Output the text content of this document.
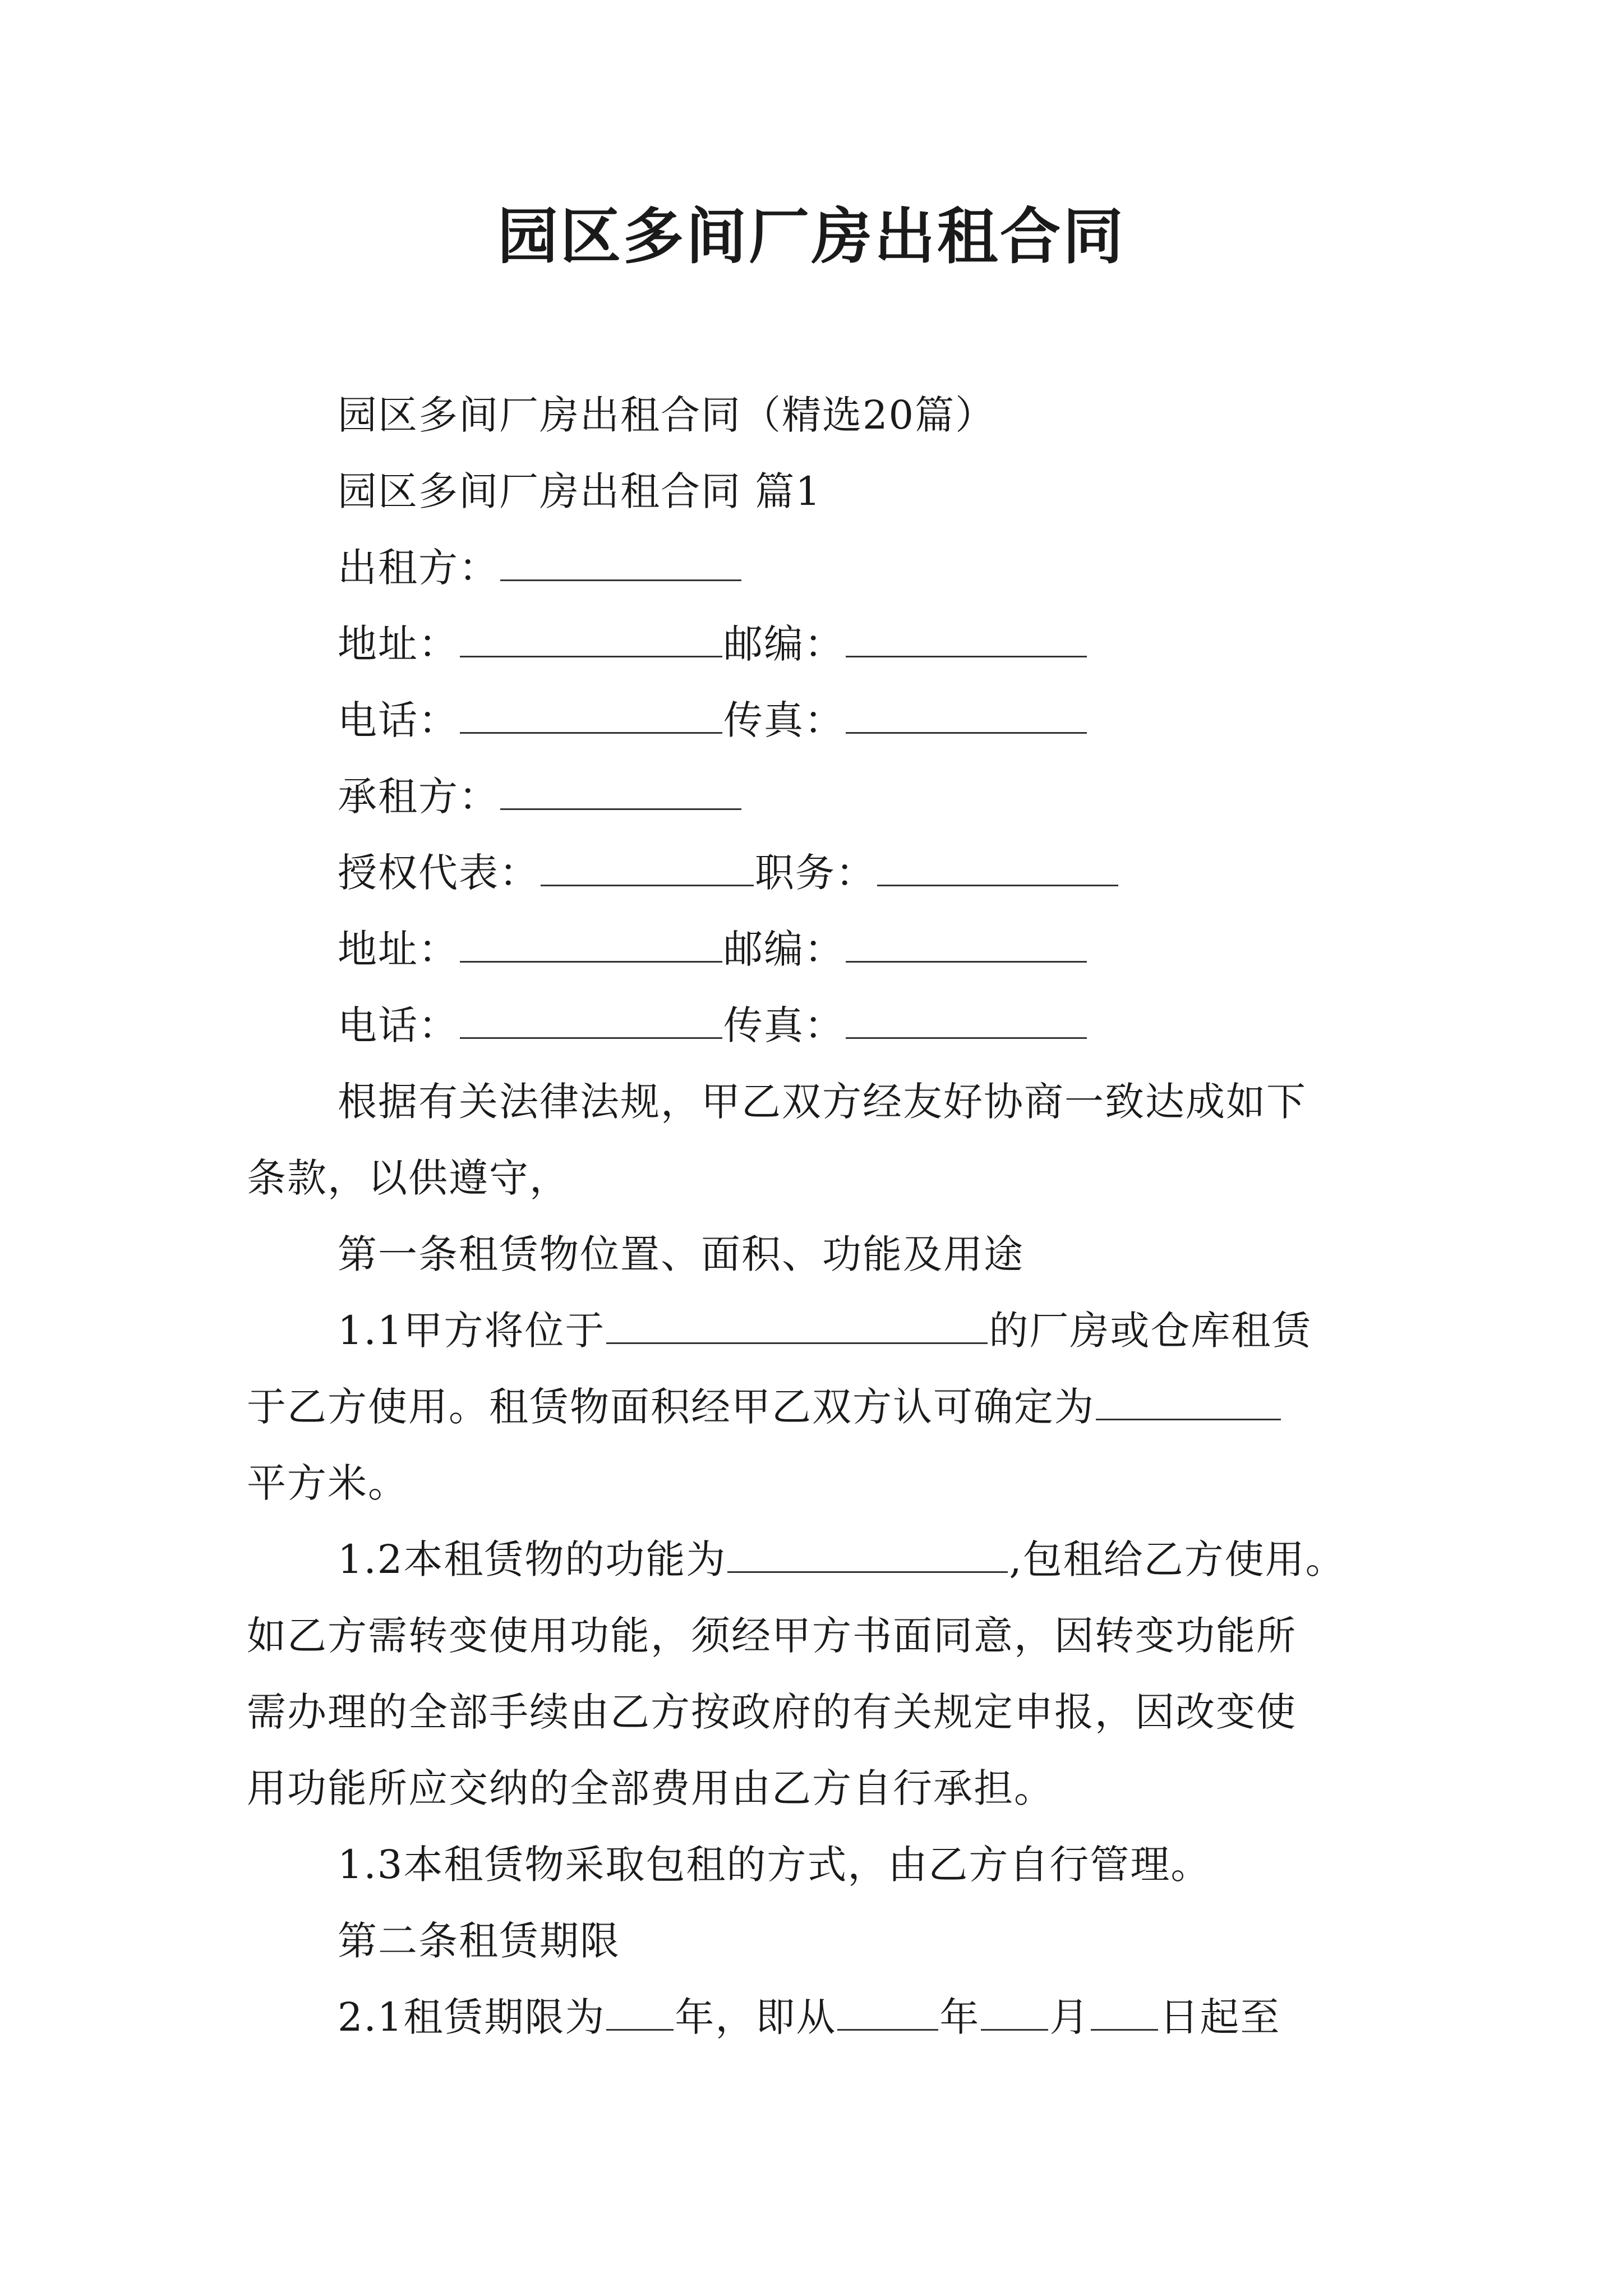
园区多间厂房出租合同
园区多间厂房出租合同（精选20篇）
园区多间厂房出租合同 篇1
出租方：
地址：	邮编：
电话：	传真：
承租方：
授权代表：	职务：
地址：	邮编：
电话：	传真：
根据有关法律法规，甲乙双方经友好协商一致达成如下
条款，以供遵守，
第一条租赁物位置、面积、功能及用途
1.1甲方将位于	的厂房或仓库租赁
于乙方使用。租赁物面积经甲乙双方认可确定为
平方米。
1.2本租赁物的功能为	,包租给乙方使用。
如乙方需转变使用功能，须经甲方书面同意，因转变功能所
需办理的全部手续由乙方按政府的有关规定申报，因改变使
用功能所应交纳的全部费用由乙方自行承担。
1.3本租赁物采取包租的方式，由乙方自行管理。
第二条租赁期限
2.1租赁期限为 年，即从	年 月 日起至
